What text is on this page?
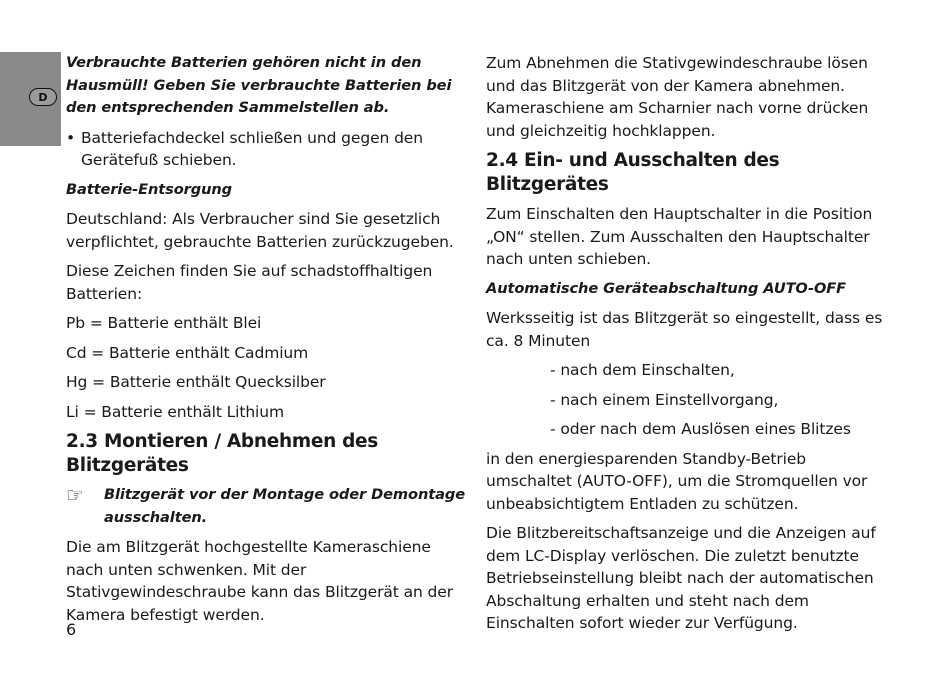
D

Verbrauchte Batterien gehören nicht in den Hausmüll! Geben Sie verbrauchte Batterien bei den entsprechenden Sammelstellen ab.

• Batteriefachdeckel schließen und gegen den Gerätefuß schieben.

Batterie-Entsorgung

Deutschland: Als Verbraucher sind Sie gesetzlich verpflichtet, gebrauchte Batterien zurückzugeben.

Diese Zeichen finden Sie auf schadstoffhaltigen Batterien:

Pb = Batterie enthält Blei

Cd = Batterie enthält Cadmium

Hg = Batterie enthält Quecksilber

Li = Batterie enthält Lithium

2.3 Montieren / Abnehmen des Blitzgerätes
☞	Blitzgerät vor der Montage oder Demontage ausschalten.

Die am Blitzgerät hochgestellte Kameraschiene nach unten schwenken. Mit der Stativgewindeschraube kann das Blitzgerät an der Kamera befestigt werden.

Zum Abnehmen die Stativgewindeschraube lösen und das Blitzgerät von der Kamera abnehmen. Kameraschiene am Scharnier nach vorne drücken und gleichzeitig hochklappen.

2.4 Ein- und Ausschalten des Blitzgerätes

Zum Einschalten den Hauptschalter in die Position „ON“ stellen. Zum Ausschalten den Hauptschalter nach unten schieben.

Automatische Geräteabschaltung AUTO-OFF

Werksseitig ist das Blitzgerät so eingestellt, dass es ca. 8 Minuten

- nach dem Einschalten,

- nach einem Einstellvorgang,

- oder nach dem Auslösen eines Blitzes

in den energiesparenden Standby-Betrieb umschaltet (AUTO-OFF), um die Stromquellen vor unbeabsichtigtem Entladen zu schützen.

Die Blitzbereitschaftsanzeige und die Anzeigen auf dem LC-Display verlöschen. Die zuletzt benutzte Betriebseinstellung bleibt nach der automatischen Abschaltung erhalten und steht nach dem Einschalten sofort wieder zur Verfügung.

6
